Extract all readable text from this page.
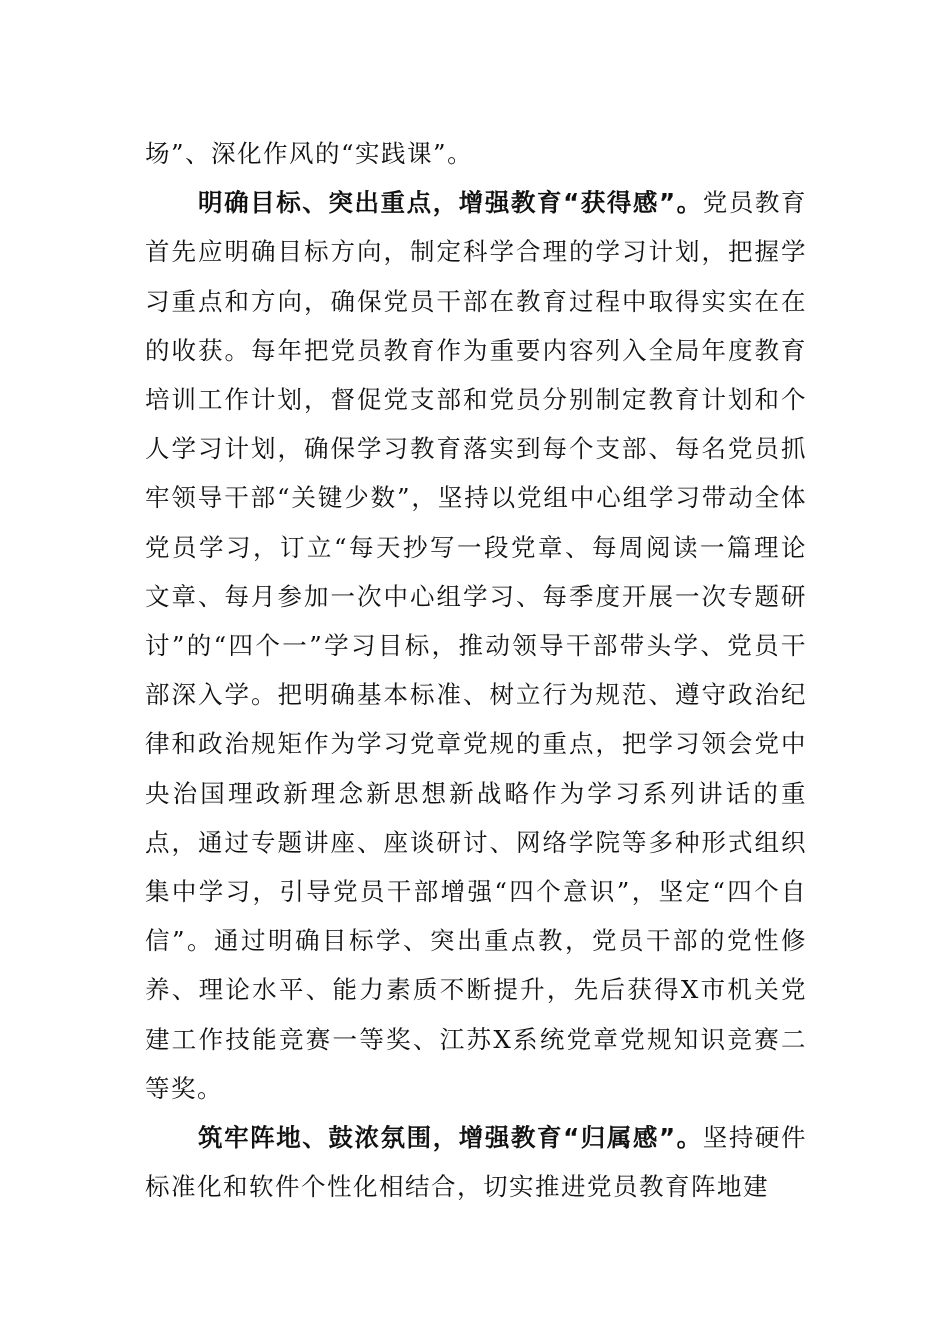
场”、深化作风的“实践课”。

明确目标、突出重点，增强教育“获得感”。党员教育首先应明确目标方向，制定科学合理的学习计划，把握学习重点和方向，确保党员干部在教育过程中取得实实在在的收获。每年把党员教育作为重要内容列入全局年度教育培训工作计划，督促党支部和党员分别制定教育计划和个人学习计划，确保学习教育落实到每个支部、每名党员抓牢领导干部“关键少数”，坚持以党组中心组学习带动全体党员学习，订立“每天抄写一段党章、每周阅读一篇理论文章、每月参加一次中心组学习、每季度开展一次专题研讨”的“四个一”学习目标，推动领导干部带头学、党员干部深入学。把明确基本标准、树立行为规范、遵守政治纪律和政治规矩作为学习党章党规的重点，把学习领会党中央治国理政新理念新思想新战略作为学习系列讲话的重点，通过专题讲座、座谈研讨、网络学院等多种形式组织集中学习，引导党员干部增强“四个意识”，坚定“四个自信”。通过明确目标学、突出重点教，党员干部的党性修养、理论水平、能力素质不断提升，先后获得X市机关党建工作技能竞赛一等奖、江苏X系统党章党规知识竞赛二等奖。

筑牢阵地、鼓浓氛围，增强教育“归属感”。坚持硬件标准化和软件个性化相结合，切实推进党员教育阵地建
